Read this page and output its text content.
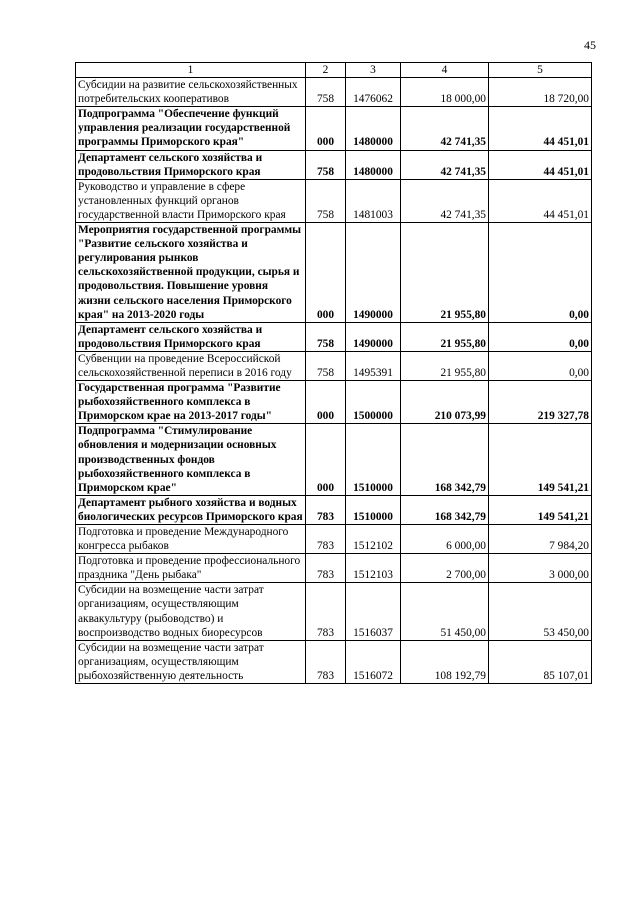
45
1	2	3	4	5
Субсидии на развитие сельскохозяйственных потребительских кооперативов	758	1476062	18 000,00	18 720,00
Подпрограмма "Обеспечение функций управления реализации государственной программы Приморского края"	000	1480000	42 741,35	44 451,01
Департамент сельского хозяйства и продовольствия Приморского края	758	1480000	42 741,35	44 451,01
Руководство и управление в сфере установленных функций органов государственной власти Приморского края	758	1481003	42 741,35	44 451,01
Мероприятия государственной программы "Развитие сельского хозяйства и регулирования рынков сельскохозяйственной продукции, сырья и продовольствия. Повышение уровня жизни сельского населения Приморского края" на 2013-2020 годы	000	1490000	21 955,80	0,00
Департамент сельского хозяйства и продовольствия Приморского края	758	1490000	21 955,80	0,00
Субвенции на проведение Всероссийской сельскохозяйственной переписи в 2016 году	758	1495391	21 955,80	0,00
Государственная программа "Развитие рыбохозяйственного комплекса в Приморском крае на 2013-2017 годы"	000	1500000	210 073,99	219 327,78
Подпрограмма "Стимулирование обновления и модернизации основных производственных фондов рыбохозяйственного комплекса в Приморском крае"	000	1510000	168 342,79	149 541,21
Департамент рыбного хозяйства и водных биологических ресурсов Приморского края	783	1510000	168 342,79	149 541,21
Подготовка и проведение Международного конгресса рыбаков	783	1512102	6 000,00	7 984,20
Подготовка и проведение профессионального праздника "День рыбака"	783	1512103	2 700,00	3 000,00
Субсидии на возмещение части затрат организациям, осуществляющим аквакультуру (рыбоводство) и воспроизводство водных биоресурсов	783	1516037	51 450,00	53 450,00
Субсидии на возмещение части затрат организациям, осуществляющим рыбохозяйственную деятельность	783	1516072	108 192,79	85 107,01
